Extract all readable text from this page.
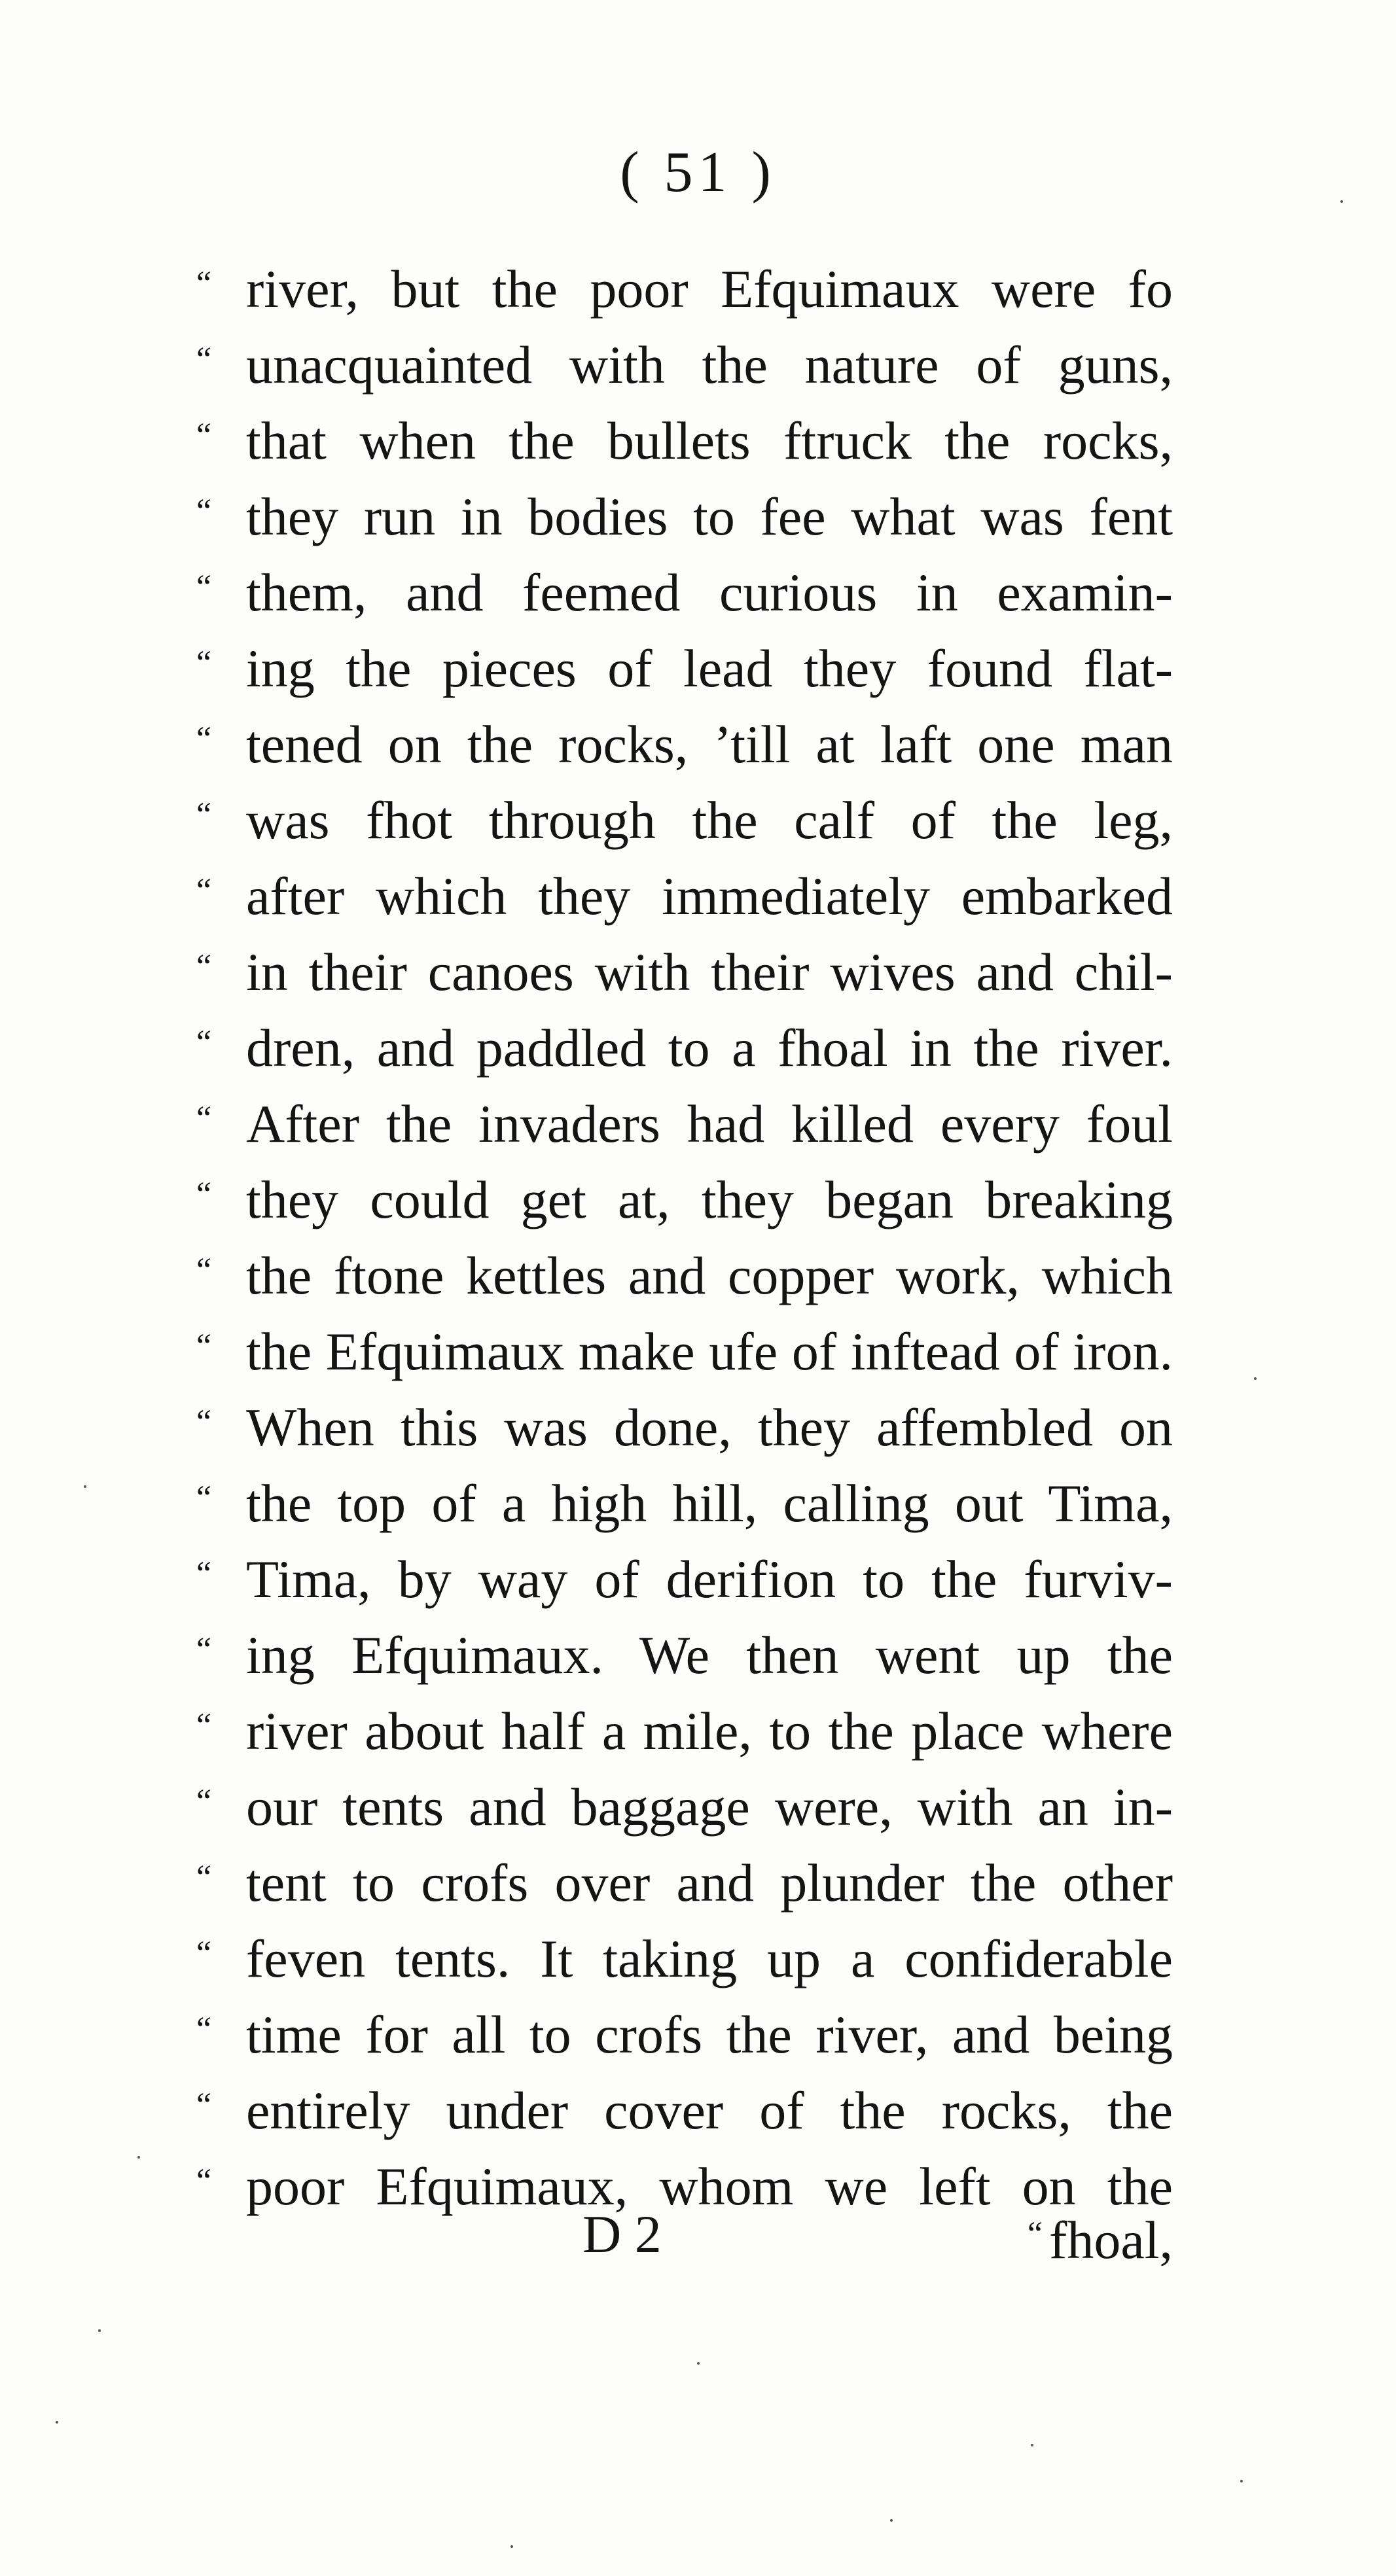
( 51 )
“ river, but the poor Efquimaux were fo
“ unacquainted with the nature of guns,
“ that when the bullets ftruck the rocks,
“ they run in bodies to fee what was fent
“ them, and feemed curious in examin-
“ ing the pieces of lead they found flat-
“ tened on the rocks, ’till at laft one man
“ was fhot through the calf of the leg,
“ after which they immediately embarked
“ in their canoes with their wives and chil-
“ dren, and paddled to a fhoal in the river.
“ After the invaders had killed every foul
“ they could get at, they began breaking
“ the ftone kettles and copper work, which
“ the Efquimaux make ufe of inftead of iron.
“ When this was done, they affembled on
“ the top of a high hill, calling out Tima,
“ Tima, by way of derifion to the furviv-
“ ing Efquimaux. We then went up the
“ river about half a mile, to the place where
“ our tents and baggage were, with an in-
“ tent to crofs over and plunder the other
“ feven tents. It taking up a confiderable
“ time for all to crofs the river, and being
“ entirely under cover of the rocks, the
“ poor Efquimaux, whom we left on the
D 2	“ fhoal,
